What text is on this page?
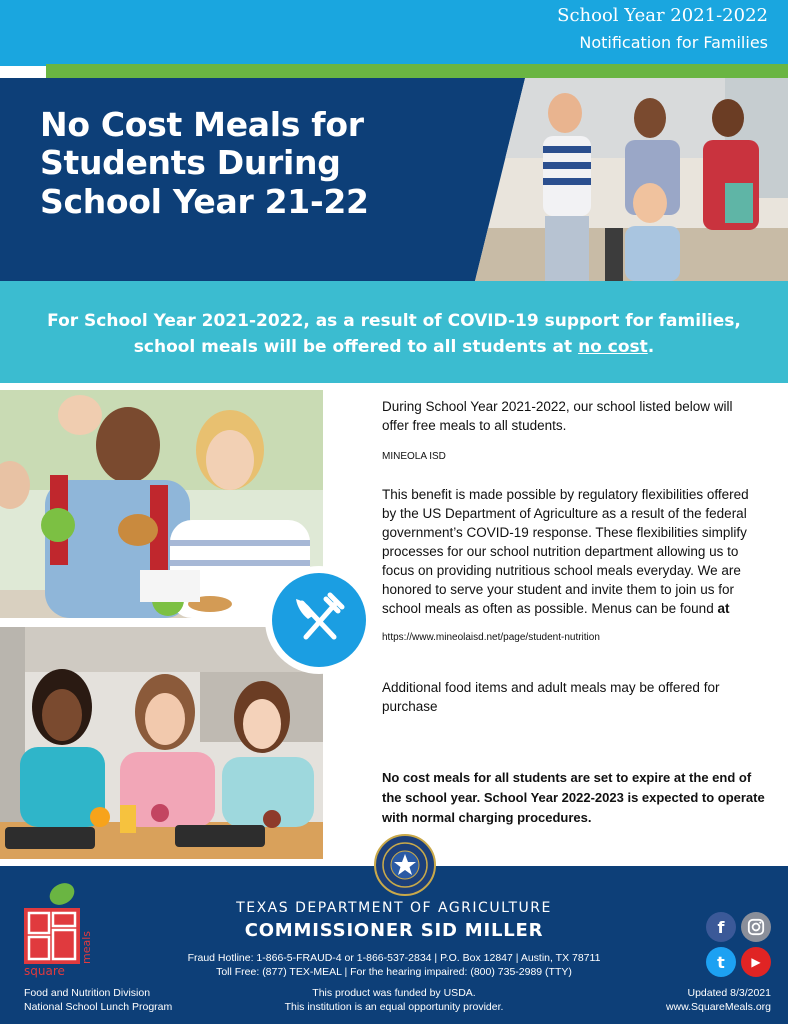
School Year 2021-2022
Notification for Families
No Cost Meals for
Students During
School Year 21-22
For School Year 2021-2022, as a result of COVID-19 support for families,
school meals will be offered to all students at no cost.
During School Year 2021-2022, our school listed below will
offer free meals to all students.
MINEOLA ISD
This benefit is made possible by regulatory flexibilities offered
by the US Department of Agriculture as a result of the federal
government’s COVID-19 response. These flexibilities simplify
processes for our school nutrition department allowing us to
focus on providing nutritious school meals everyday. We are
honored to serve your student and invite them to join us for
school meals as often as possible. Menus can be found at
https://www.mineolaisd.net/page/student-nutrition
Additional food items and adult meals may be offered for
purchase
No cost meals for all students are set to expire at the end of
the school year. School Year 2022-2023 is expected to operate
with normal charging procedures.
TEXAS DEPARTMENT OF AGRICULTURE
COMMISSIONER SID MILLER
Fraud Hotline: 1-866-5-FRAUD-4 or 1-866-537-2834 | P.O. Box 12847 | Austin, TX 78711
Toll Free: (877) TEX-MEAL | For the hearing impaired: (800) 735-2989 (TTY)
This product was funded by USDA.
This institution is an equal opportunity provider.
Food and Nutrition Division
National School Lunch Program
Updated 8/3/2021
www.SquareMeals.org
square
meals
f
t ▶
